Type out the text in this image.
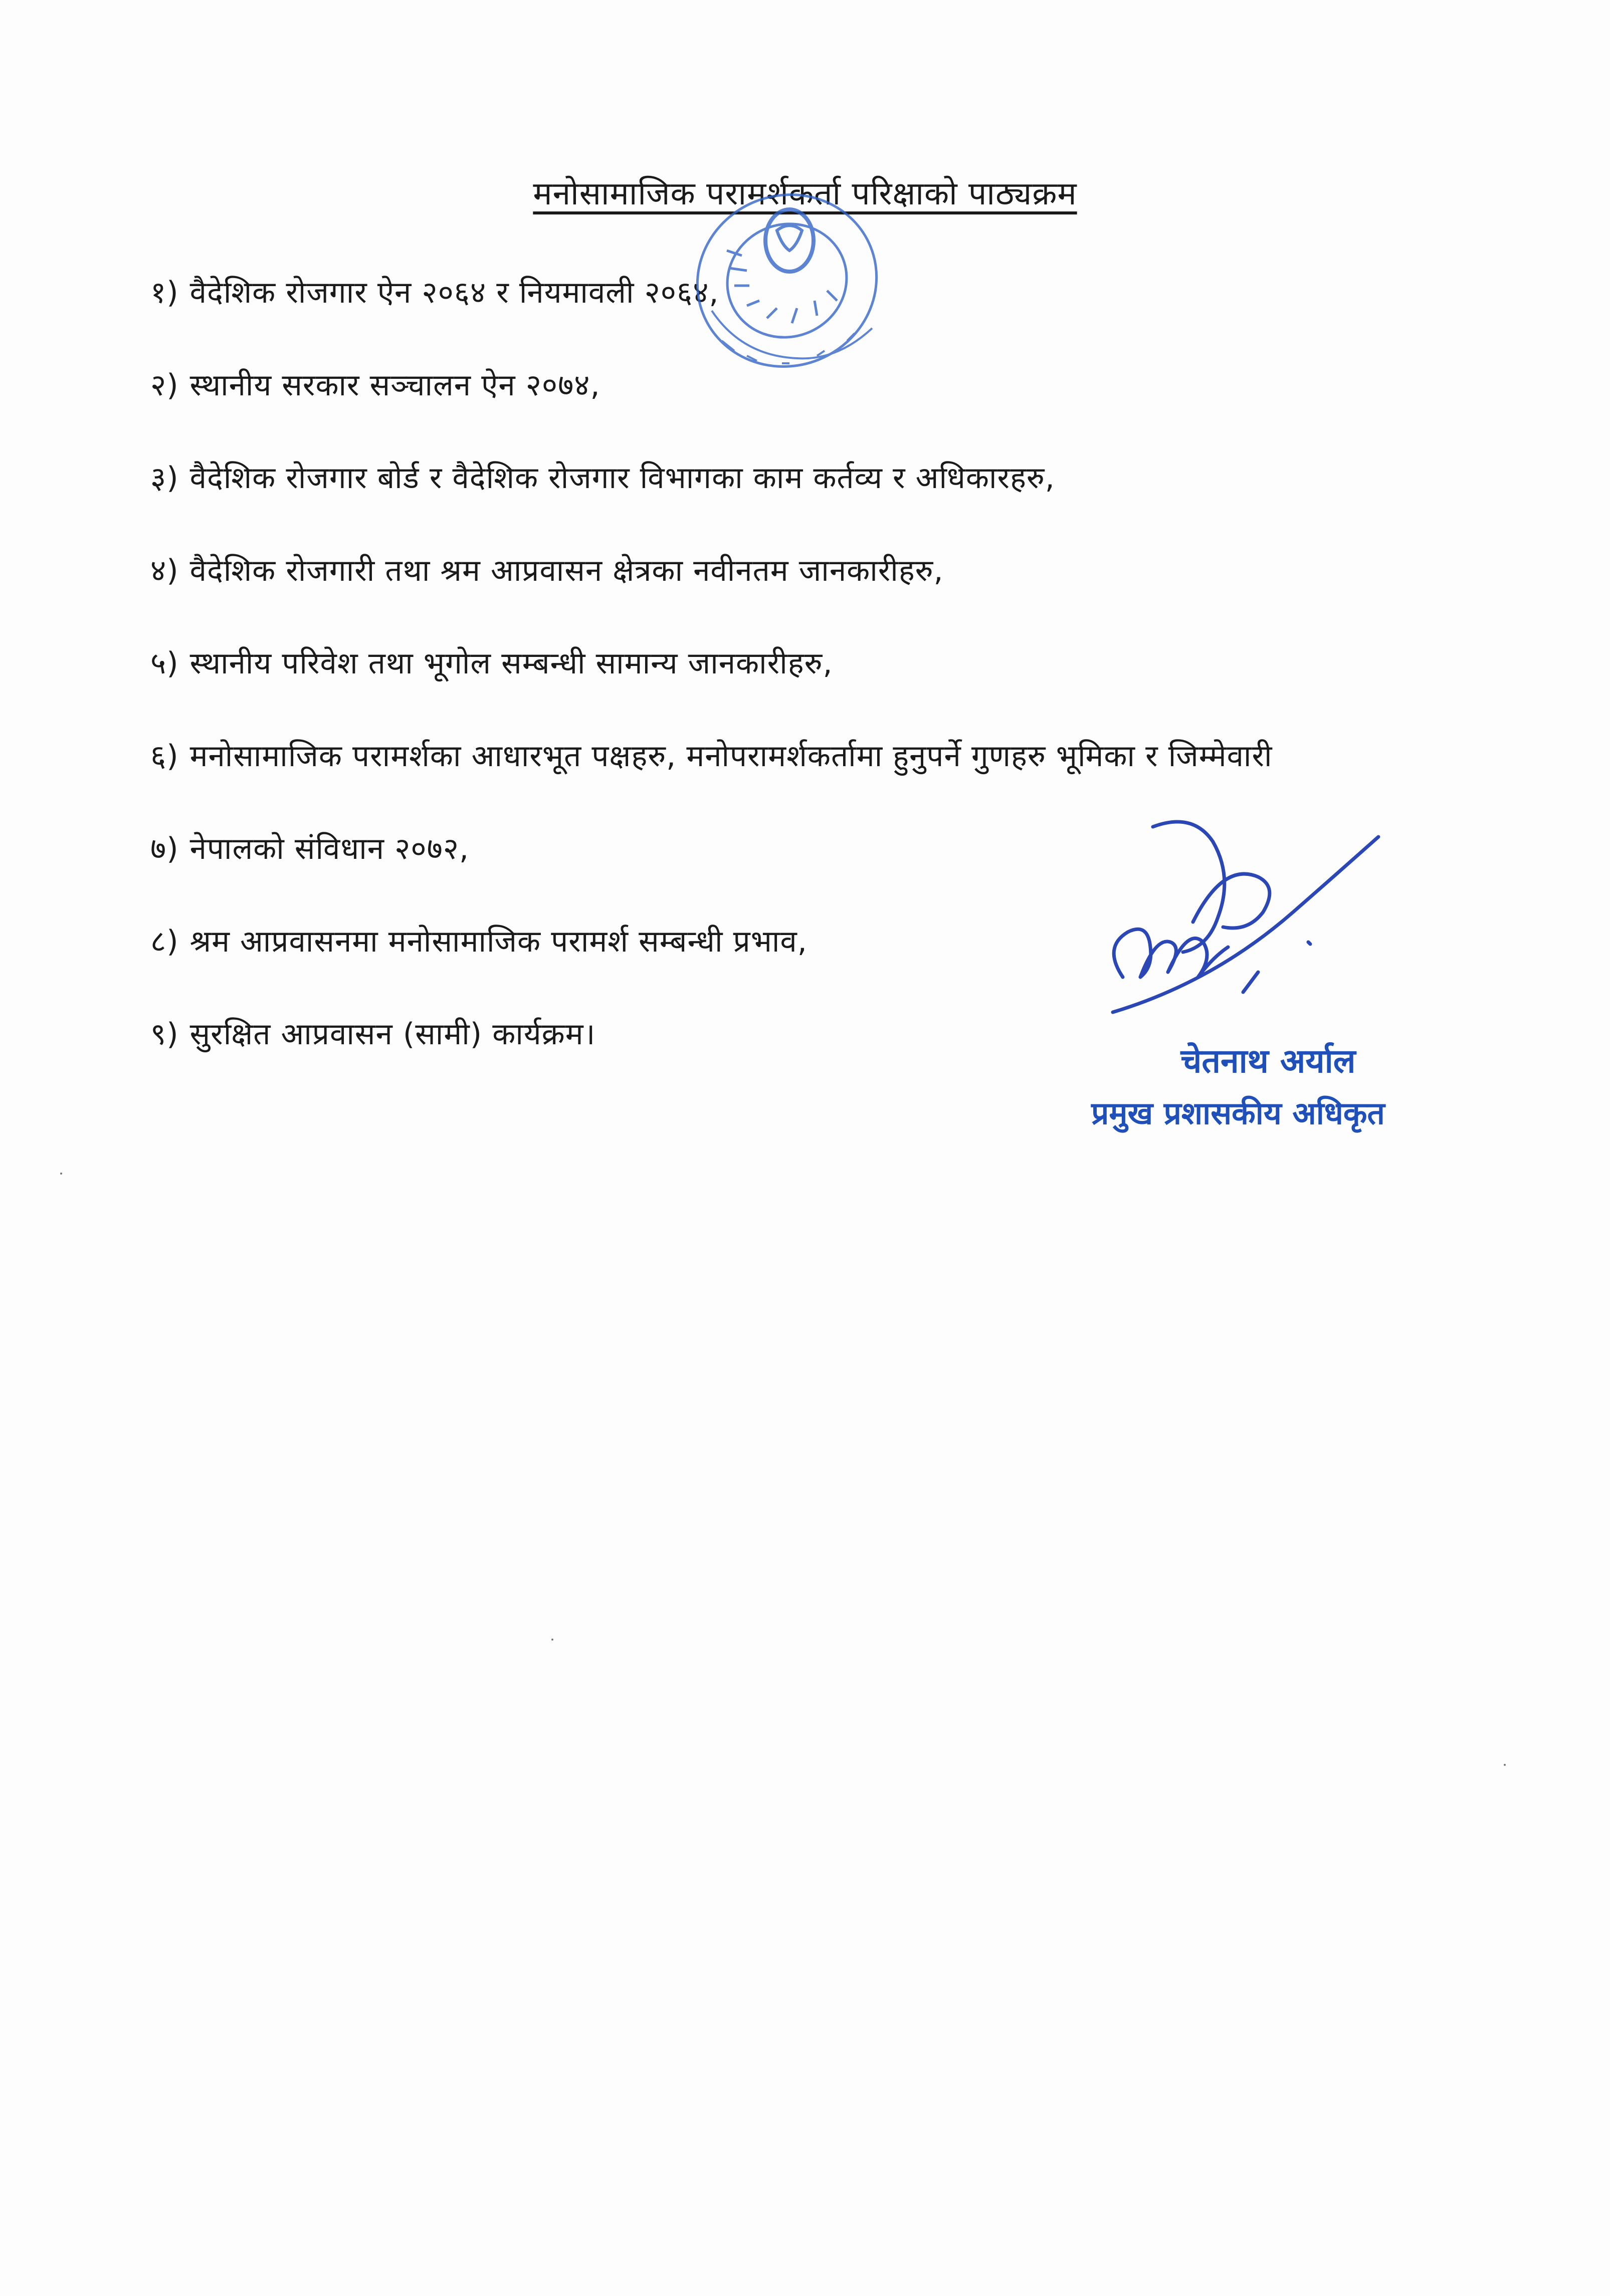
मनोसामाजिक परामर्शकर्ता परिक्षाको पाठ्यक्रम
१) वैदेशिक रोजगार ऐन २०६४ र नियमावली २०६४,
२) स्थानीय सरकार सञ्चालन ऐन २०७४,
३) वैदेशिक रोजगार बोर्ड र वैदेशिक रोजगार विभागका काम कर्तव्य र अधिकारहरु,
४) वैदेशिक रोजगारी तथा श्रम आप्रवासन क्षेत्रका नवीनतम जानकारीहरु,
५) स्थानीय परिवेश तथा भूगोल सम्बन्धी सामान्य जानकारीहरु,
६) मनोसामाजिक परामर्शका आधारभूत पक्षहरु, मनोपरामर्शकर्तामा हुनुपर्ने गुणहरु भूमिका र जिम्मेवारी
७) नेपालको संविधान २०७२,
८) श्रम आप्रवासनमा मनोसामाजिक परामर्श सम्बन्धी प्रभाव,
९) सुरक्षित आप्रवासन (सामी) कार्यक्रम।
चेतनाथ अर्याल
प्रमुख प्रशासकीय अधिकृत
